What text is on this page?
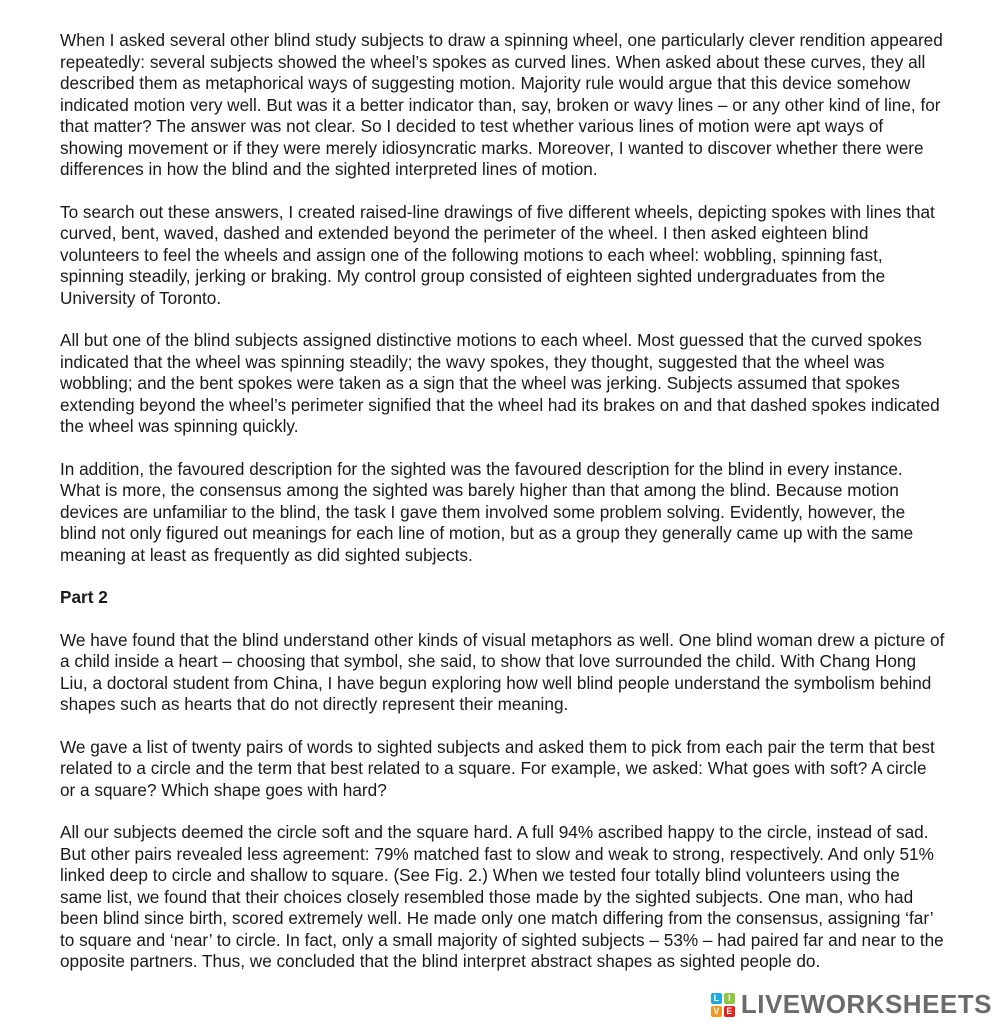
When I asked several other blind study subjects to draw a spinning wheel, one particularly clever rendition appeared repeatedly: several subjects showed the wheel’s spokes as curved lines. When asked about these curves, they all described them as metaphorical ways of suggesting motion. Majority rule would argue that this device somehow indicated motion very well. But was it a better indicator than, say, broken or wavy lines – or any other kind of line, for that matter? The answer was not clear. So I decided to test whether various lines of motion were apt ways of showing movement or if they were merely idiosyncratic marks. Moreover, I wanted to discover whether there were differences in how the blind and the sighted interpreted lines of motion.

To search out these answers, I created raised-line drawings of five different wheels, depicting spokes with lines that curved, bent, waved, dashed and extended beyond the perimeter of the wheel. I then asked eighteen blind volunteers to feel the wheels and assign one of the following motions to each wheel: wobbling, spinning fast, spinning steadily, jerking or braking. My control group consisted of eighteen sighted undergraduates from the University of Toronto.

All but one of the blind subjects assigned distinctive motions to each wheel. Most guessed that the curved spokes indicated that the wheel was spinning steadily; the wavy spokes, they thought, suggested that the wheel was wobbling; and the bent spokes were taken as a sign that the wheel was jerking. Subjects assumed that spokes extending beyond the wheel’s perimeter signified that the wheel had its brakes on and that dashed spokes indicated the wheel was spinning quickly.

In addition, the favoured description for the sighted was the favoured description for the blind in every instance. What is more, the consensus among the sighted was barely higher than that among the blind. Because motion devices are unfamiliar to the blind, the task I gave them involved some problem solving. Evidently, however, the blind not only figured out meanings for each line of motion, but as a group they generally came up with the same meaning at least as frequently as did sighted subjects.

Part 2

We have found that the blind understand other kinds of visual metaphors as well. One blind woman drew a picture of a child inside a heart – choosing that symbol, she said, to show that love surrounded the child. With Chang Hong Liu, a doctoral student from China, I have begun exploring how well blind people understand the symbolism behind shapes such as hearts that do not directly represent their meaning.

We gave a list of twenty pairs of words to sighted subjects and asked them to pick from each pair the term that best related to a circle and the term that best related to a square. For example, we asked: What goes with soft? A circle or a square? Which shape goes with hard?

All our subjects deemed the circle soft and the square hard. A full 94% ascribed happy to the circle, instead of sad. But other pairs revealed less agreement: 79% matched fast to slow and weak to strong, respectively. And only 51% linked deep to circle and shallow to square. (See Fig. 2.) When we tested four totally blind volunteers using the same list, we found that their choices closely resembled those made by the sighted subjects. One man, who had been blind since birth, scored extremely well. He made only one match differing from the consensus, assigning ‘far’ to square and ‘near’ to circle. In fact, only a small majority of sighted subjects – 53% – had paired far and near to the opposite partners. Thus, we concluded that the blind interpret abstract shapes as sighted people do.

L I
V E LIVEWORKSHEETS
